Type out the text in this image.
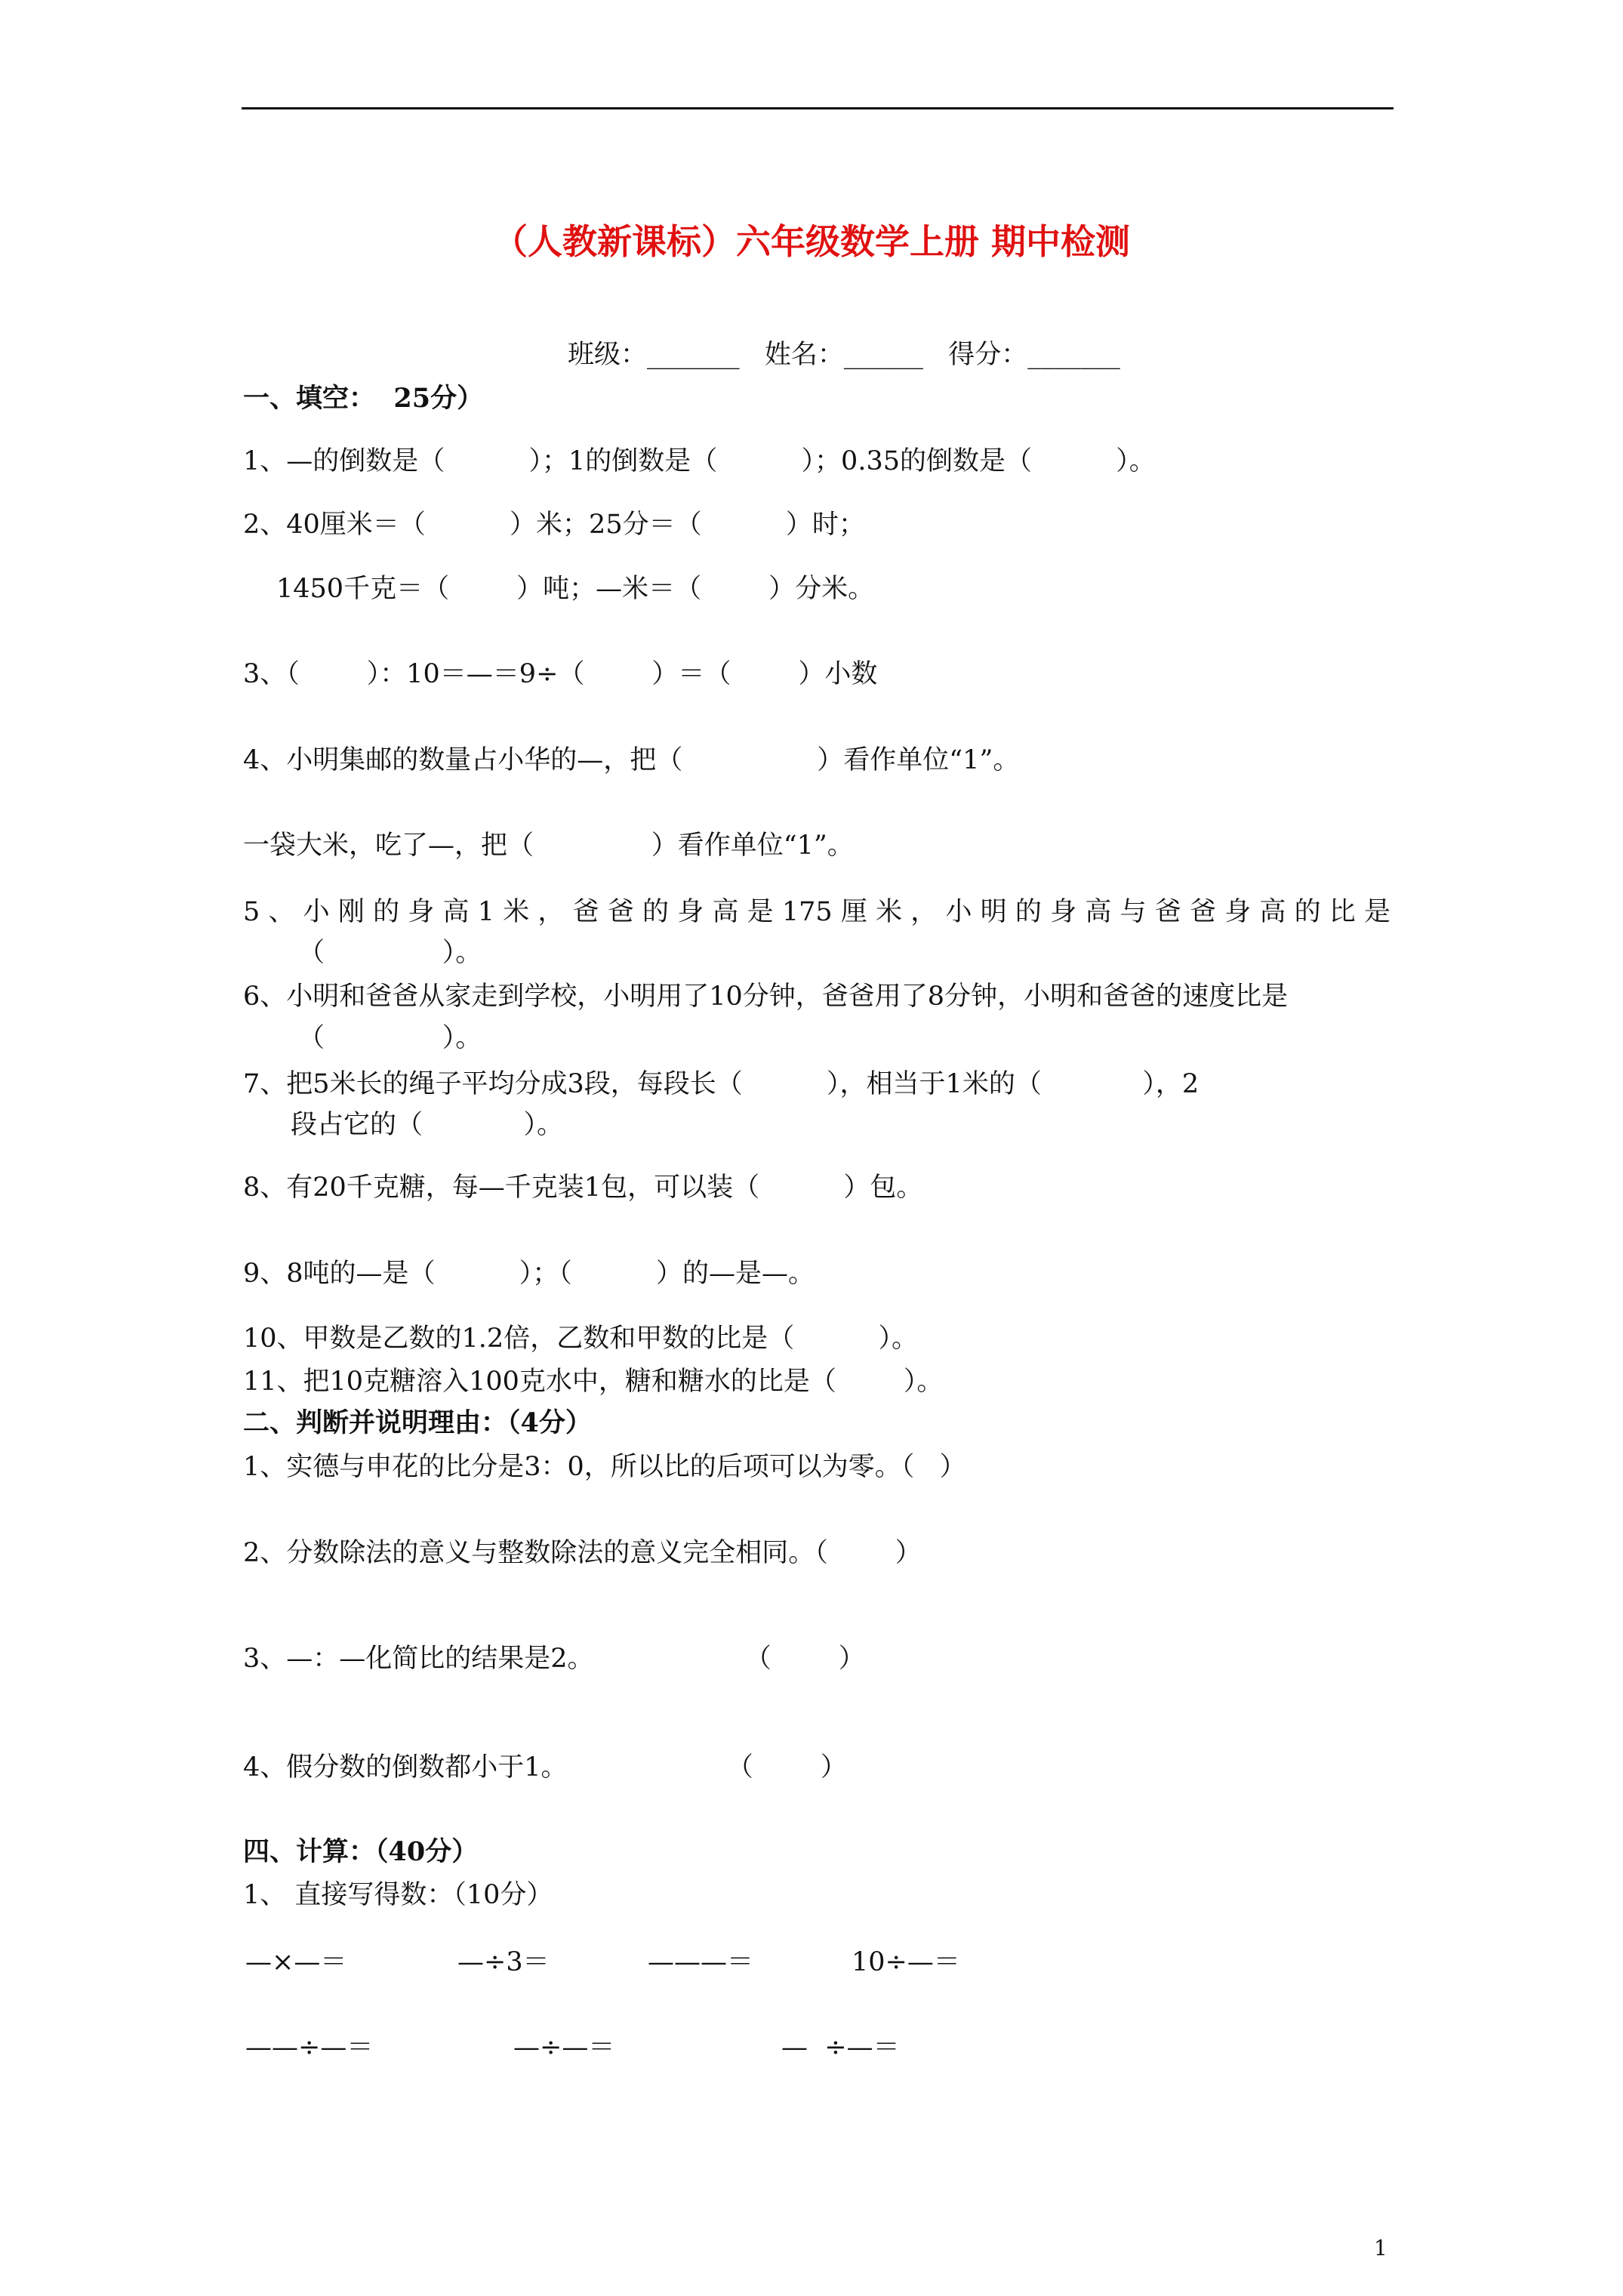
（人教新课标）六年级数学上册 期中检测
班级：_______   姓名：______   得分：_______
一、填空：  25分）
1、—的倒数是（          ）；1的倒数是（          ）；0.35的倒数是（          ）。
2、40厘米＝（          ）米；25分＝（          ）时；
1450千克＝（        ）吨；—米＝（        ）分米。
3、（        ）：10＝—＝9÷（        ）＝（        ）小数
4、小明集邮的数量占小华的—，把（                ）看作单位“1”。
一袋大米，吃了—，把（              ）看作单位“1”。
5、小刚的身高1米，爸爸的身高是175厘米，小明的身高与爸爸身高的比是
（              ）。
6、小明和爸爸从家走到学校，小明用了10分钟，爸爸用了8分钟，小明和爸爸的速度比是
（              ）。
7、把5米长的绳子平均分成3段，每段长（          ），相当于1米的（            ），2
段占它的（            ）。
8、有20千克糖，每—千克装1包，可以装（          ）包。
9、8吨的—是（          ）；（          ）的—是—。
10、甲数是乙数的1.2倍，乙数和甲数的比是（          ）。
11、把10克糖溶入100克水中，糖和糖水的比是（        ）。
二、判断并说明理由：（4分）
1、实德与申花的比分是3：0，所以比的后项可以为零。（   ）
2、分数除法的意义与整数除法的意义完全相同。（        ）
3、—：—化简比的结果是2。                  （        ）
4、假分数的倒数都小于1。                   （        ）
四、计算：（40分）
1、 直接写得数：（10分）
—×—＝	—÷3＝	———＝	10÷—＝
——÷—＝	—÷—＝	—  ÷—＝
1
